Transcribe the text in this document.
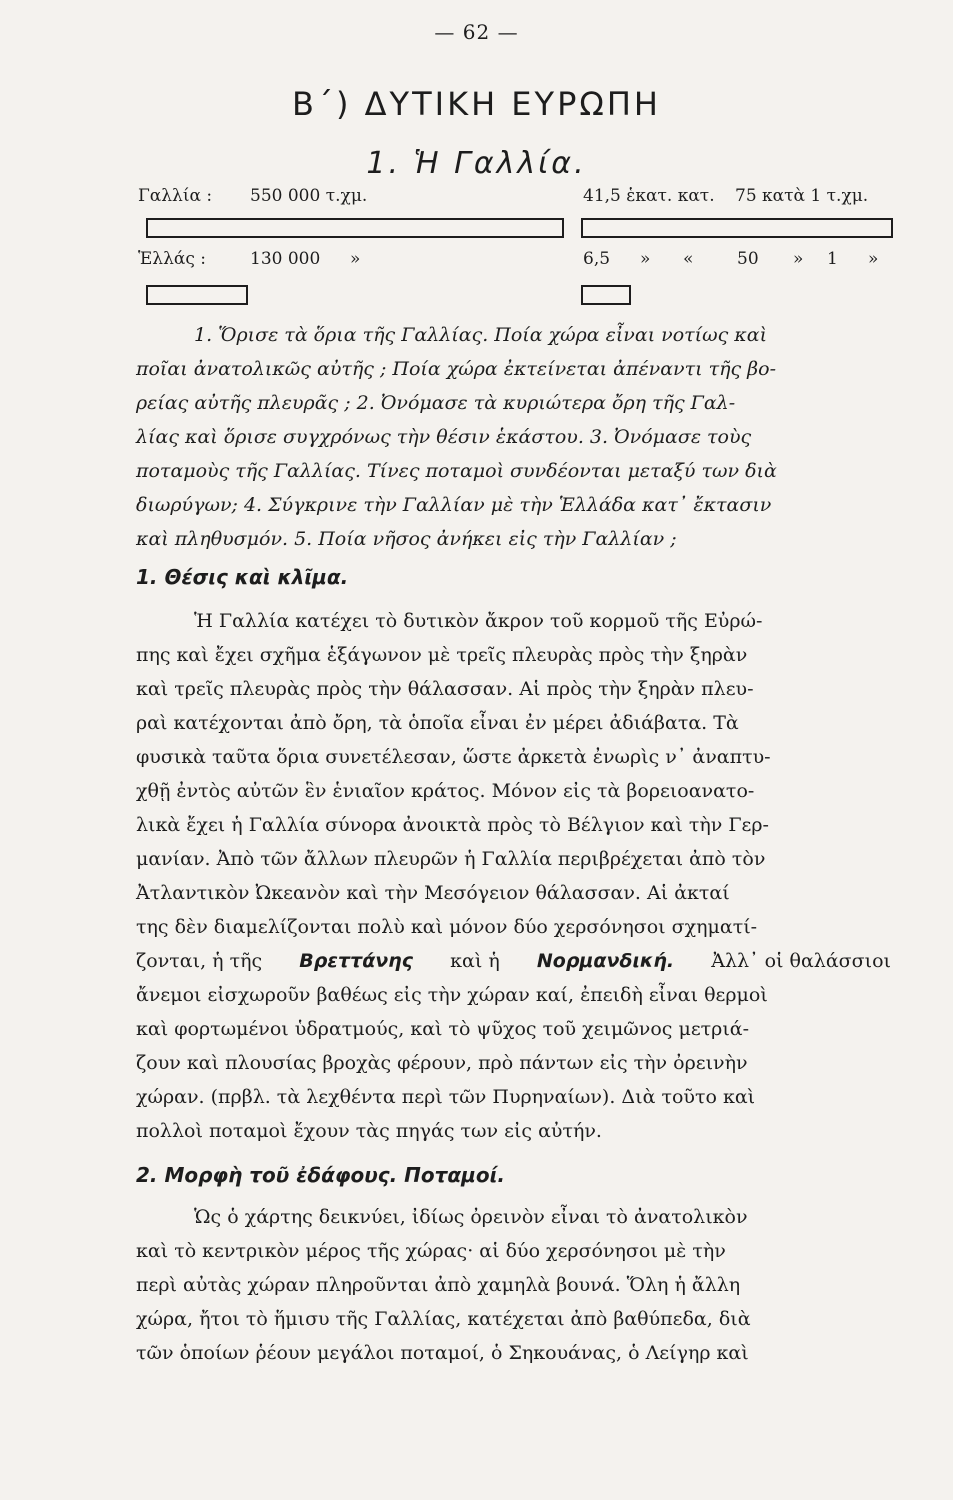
— 62 —
Β΄) ΔΥΤΙΚΗ ΕΥΡΩΠΗ
1. Ἡ Γαλλία.
Γαλλία : 550 000 τ.χμ.	41,5 ἑκατ. κατ. 75 κατὰ 1 τ.χμ.
Ἑλλάς :	130 000 »	6,5 » «	50 » 1 »
1. Ὅρισε τὰ ὅρια τῆς Γαλλίας. Ποία χώρα εἶναι νοτίως καὶ
ποῖαι ἀνατολικῶς αὐτῆς ; Ποία χώρα ἐκτείνεται ἀπέναντι τῆς βο-
ρείας αὐτῆς πλευρᾶς ; 2. Ὀνόμασε τὰ κυριώτερα ὄρη τῆς Γαλ-
λίας καὶ ὅρισε συγχρόνως τὴν θέσιν ἑκάστου. 3. Ὀνόμασε τοὺς
ποταμοὺς τῆς Γαλλίας. Τίνες ποταμοὶ συνδέονται μεταξύ των διὰ
διωρύγων; 4. Σύγκρινε τὴν Γαλλίαν μὲ τὴν Ἑλλάδα κατ᾽ ἔκτασιν
καὶ πληθυσμόν. 5. Ποία νῆσος ἀνήκει εἰς τὴν Γαλλίαν ;
1. Θέσις καὶ κλῖμα.
Ἡ Γαλλία κατέχει τὸ δυτικὸν ἄκρον τοῦ κορμοῦ τῆς Εὐρώ-
πης καὶ ἔχει σχῆμα ἑξάγωνον μὲ τρεῖς πλευρὰς πρὸς τὴν ξηρὰν
καὶ τρεῖς πλευρὰς πρὸς τὴν θάλασσαν. Αἱ πρὸς τὴν ξηρὰν πλευ-
ραὶ κατέχονται ἀπὸ ὄρη, τὰ ὁποῖα εἶναι ἐν μέρει ἀδιάβατα. Τὰ
φυσικὰ ταῦτα ὅρια συνετέλεσαν, ὥστε ἀρκετὰ ἐνωρὶς ν᾽ ἀναπτυ-
χθῇ ἐντὸς αὐτῶν ἓν ἑνιαῖον κράτος. Μόνον εἰς τὰ βορειοανατο-
λικὰ ἔχει ἡ Γαλλία σύνορα ἀνοικτὰ πρὸς τὸ Βέλγιον καὶ τὴν Γερ-
μανίαν. Ἀπὸ τῶν ἄλλων πλευρῶν ἡ Γαλλία περιβρέχεται ἀπὸ τὸν
Ἀτλαντικὸν Ὠκεανὸν καὶ τὴν Μεσόγειον θάλασσαν. Αἱ ἀκταί
της δὲν διαμελίζονται πολὺ καὶ μόνον δύο χερσόνησοι σχηματί-
ζονται, ἡ τῆς Βρεττάνης καὶ ἡ Νορμανδική. Ἀλλ᾽ οἱ θαλάσσιοι
ἄνεμοι εἰσχωροῦν βαθέως εἰς τὴν χώραν καί, ἐπειδὴ εἶναι θερμοὶ
καὶ φορτωμένοι ὑδρατμούς, καὶ τὸ ψῦχος τοῦ χειμῶνος μετριά-
ζουν καὶ πλουσίας βροχὰς φέρουν, πρὸ πάντων εἰς τὴν ὀρεινὴν
χώραν. (πρβλ. τὰ λεχθέντα περὶ τῶν Πυρηναίων). Διὰ τοῦτο καὶ
πολλοὶ ποταμοὶ ἔχουν τὰς πηγάς των εἰς αὐτήν.
2. Μορφὴ τοῦ ἐδάφους. Ποταμοί.
Ὡς ὁ χάρτης δεικνύει, ἰδίως ὀρεινὸν εἶναι τὸ ἀνατολικὸν
καὶ τὸ κεντρικὸν μέρος τῆς χώρας· αἱ δύο χερσόνησοι μὲ τὴν
περὶ αὐτὰς χώραν πληροῦνται ἀπὸ χαμηλὰ βουνά. Ὅλη ἡ ἄλλη
χώρα, ἤτοι τὸ ἥμισυ τῆς Γαλλίας, κατέχεται ἀπὸ βαθύπεδα, διὰ
τῶν ὁποίων ῥέουν μεγάλοι ποταμοί, ὁ Σηκουάνας, ὁ Λείγηρ καὶ
